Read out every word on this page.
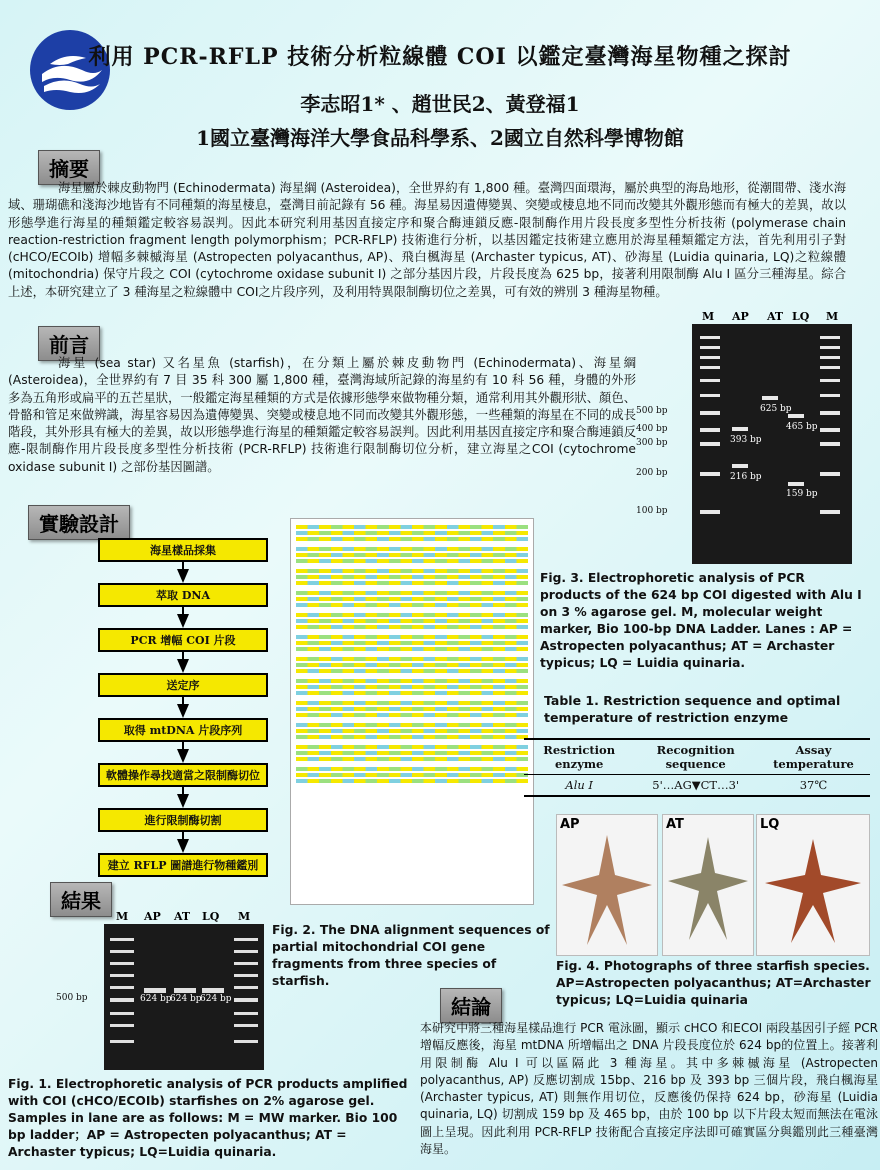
利用 PCR-RFLP 技術分析粒線體 COI 以鑑定臺灣海星物種之探討
李志昭1* 、趙世民2、黃登福1
1國立臺灣海洋大學食品科學系、2國立自然科學博物館
摘要
海星屬於棘皮動物門 (Echinodermata) 海星綱 (Asteroidea)，全世界約有 1,800 種。臺灣四面環海，屬於典型的海島地形，從潮間帶、淺水海域、珊瑚礁和淺海沙地皆有不同種類的海星棲息，臺灣目前記錄有 56 種。海星易因遺傳變異、突變或棲息地不同而改變其外觀形態而有極大的差異，故以形態學進行海星的種類鑑定較容易誤判。因此本研究利用基因直接定序和聚合酶連鎖反應-限制酶作用片段長度多型性分析技術 (polymerase chain reaction-restriction fragment length polymorphism；PCR-RFLP) 技術進行分析，以基因鑑定技術建立應用於海星種類鑑定方法，首先利用引子對 (cHCO/ECOIb) 增幅多棘槭海星 (Astropecten polyacanthus, AP)、飛白楓海星 (Archaster typicus, AT)、砂海星 (Luidia quinaria, LQ)之粒線體 (mitochondria) 保守片段之 COI (cytochrome oxidase subunit I) 之部分基因片段，片段長度為 625 bp，接著利用限制酶 Alu I 區分三種海星。綜合上述，本研究建立了 3 種海星之粒線體中 COI之片段序列，及利用特異限制酶切位之差異，可有效的辨別 3 種海星物種。
前言
海星 (sea star) 又名星魚 (starfish)，在分類上屬於棘皮動物門 (Echinodermata)、海星綱 (Asteroidea)，全世界約有 7 目 35 科 300 屬 1,800 種，臺灣海域所記錄的海星約有 10 科 56 種，身體的外形多為五角形或扁平的五芒星狀，一般鑑定海星種類的方式是依據形態學來做物種分類，通常利用其外觀形狀、顏色、骨骼和管足來做辨識，海星容易因為遺傳變異、突變或棲息地不同而改變其外觀形態，一些種類的海星在不同的成長階段，其外形具有極大的差異，故以形態學進行海星的種類鑑定較容易誤判。因此利用基因直接定序和聚合酶連鎖反應-限制酶作用片段長度多型性分析技術 (PCR-RFLP) 技術進行限制酶切位分析，建立海星之COI (cytochrome oxidase subunit I) 之部份基因圖譜。
實驗設計
海星樣品採集
萃取 DNA
PCR 增幅 COI 片段
送定序
取得 mtDNA 片段序列
軟體操作尋找適當之限制酶切位
進行限制酶切割
建立 RFLP 圖譜進行物種鑑別
Fig. 2. The DNA alignment sequences of partial mitochondrial COI gene fragments from three species of starfish.
M AP AT LQ M
625 bp
465 bp
393 bp
216 bp
159 bp
500 bp
400 bp
300 bp
200 bp
100 bp
Fig. 3. Electrophoretic analysis of PCR products of the 624 bp COI digested with Alu I on 3 % agarose gel. M, molecular weight marker, Bio 100-bp DNA Ladder. Lanes : AP = Astropecten polyacanthus; AT = Archaster typicus; LQ = Luidia quinaria.
Table 1. Restriction sequence and optimal temperature of restriction enzyme
Restriction enzyme	Recognition sequence	Assay temperature
Alu I	5'…AG▼CT…3'	37℃
AP	AT	LQ
Fig. 4. Photographs of three starfish species. AP=Astropecten polyacanthus; AT=Archaster typicus; LQ=Luidia quinaria
結果
M AP AT LQ M
624 bp
624 bp
624 bp
500 bp
Fig. 1. Electrophoretic analysis of PCR products amplified with COI (cHCO/ECOIb) starfishes on 2% agarose gel. Samples in lane are as follows: M = MW marker. Bio 100 bp ladder；AP = Astropecten polyacanthus; AT = Archaster typicus; LQ=Luidia quinaria.
結論
本研究中將三種海星樣品進行 PCR 電泳圖，顯示 cHCO 和ECOI 兩段基因引子經 PCR 增幅反應後，海星 mtDNA 所增幅出之 DNA 片段長度位於 624 bp的位置上。接著利用限制酶 Alu I 可以區隔此 3 種海星。其中多棘槭海星 (Astropecten polyacanthus, AP) 反應切割成 15bp、216 bp 及 393 bp 三個片段，飛白楓海星 (Archaster typicus, AT) 則無作用切位，反應後仍保持 624 bp，砂海星 (Luidia quinaria, LQ) 切割成 159 bp 及 465 bp，由於 100 bp 以下片段太短而無法在電泳圖上呈現。因此利用 PCR-RFLP 技術配合直接定序法即可確實區分與鑑別此三種臺灣海星。
